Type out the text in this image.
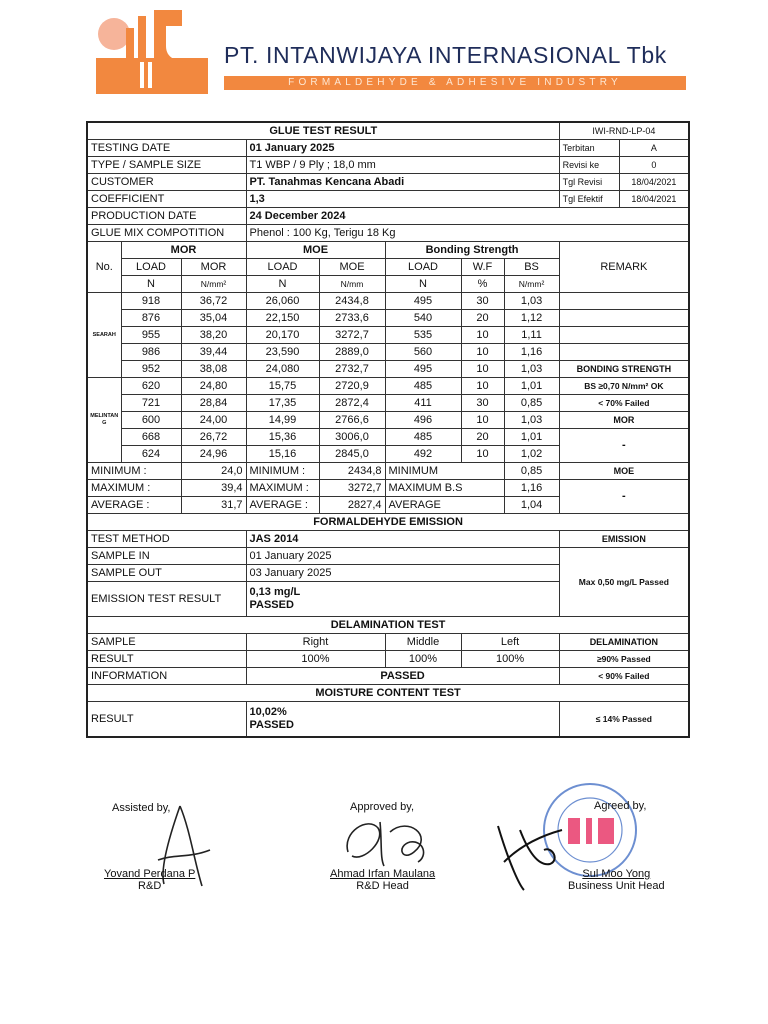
PT. INTANWIJAYA INTERNASIONAL Tbk
FORMALDEHYDE & ADHESIVE INDUSTRY
GLUE TEST RESULT								IWI-RND-LP-04	
TESTING DATE			01 January 2025					Terbitan	A
TYPE / SAMPLE SIZE			T1 WBP / 9 Ply ; 18,0 mm					Revisi ke	0
CUSTOMER			PT. Tanahmas Kencana Abadi					Tgl Revisi	18/04/2021
COEFFICIENT			1,3					Tgl Efektif	18/04/2021
PRODUCTION DATE			24 December 2024						
GLUE MIX COMPOTITION			Phenol : 100 Kg, Terigu 18 Kg						
No.	MOR		MOE		Bonding Strength			REMARK	
	LOAD	MOR	LOAD	MOE	LOAD	W.F	BS		
	N	N/mm²	N	N/mm	N	%	N/mm²		
SEARAH	918	36,72	26,060	2434,8	495	30	1,03		
	876	35,04	22,150	2733,6	540	20	1,12		
	955	38,20	20,170	3272,7	535	10	1,11		
	986	39,44	23,590	2889,0	560	10	1,16		
	952	38,08	24,080	2732,7	495	10	1,03	BONDING STRENGTH	
MELINTANG	620	24,80	15,75	2720,9	485	10	1,01	BS ≥0,70 N/mm² OK	
	721	28,84	17,35	2872,4	411	30	0,85	< 70% Failed	
	600	24,00	14,99	2766,6	496	10	1,03	MOR	
	668	26,72	15,36	3006,0	485	20	1,01	-	
	624	24,96	15,16	2845,0	492	10	1,02		
MINIMUM :		24,0	MINIMUM :	2434,8	MINIMUM		0,85	MOE	
MAXIMUM :		39,4	MAXIMUM :	3272,7	MAXIMUM B.S		1,16	-	
AVERAGE :		31,7	AVERAGE :	2827,4	AVERAGE		1,04		
FORMALDEHYDE EMISSION									
TEST METHOD			JAS 2014					EMISSION	
SAMPLE IN			01 January 2025					Max 0,50 mg/L Passed	
SAMPLE OUT			03 January 2025						
EMISSION TEST RESULT			0,13 mg/L
PASSED						

DELAMINATION TEST									
SAMPLE			Right		Middle	Left		DELAMINATION	
RESULT			100%		100%	100%		≥90% Passed	
INFORMATION			PASSED					< 90% Failed	
MOISTURE CONTENT TEST									
RESULT			10,02%
PASSED					≤ 14% Passed	
Assisted by,
Yovand Perdana P
R&D
Approved by,
Ahmad Irfan Maulana
R&D Head
Agreed by,
Sul Moo Yong
Business Unit Head
